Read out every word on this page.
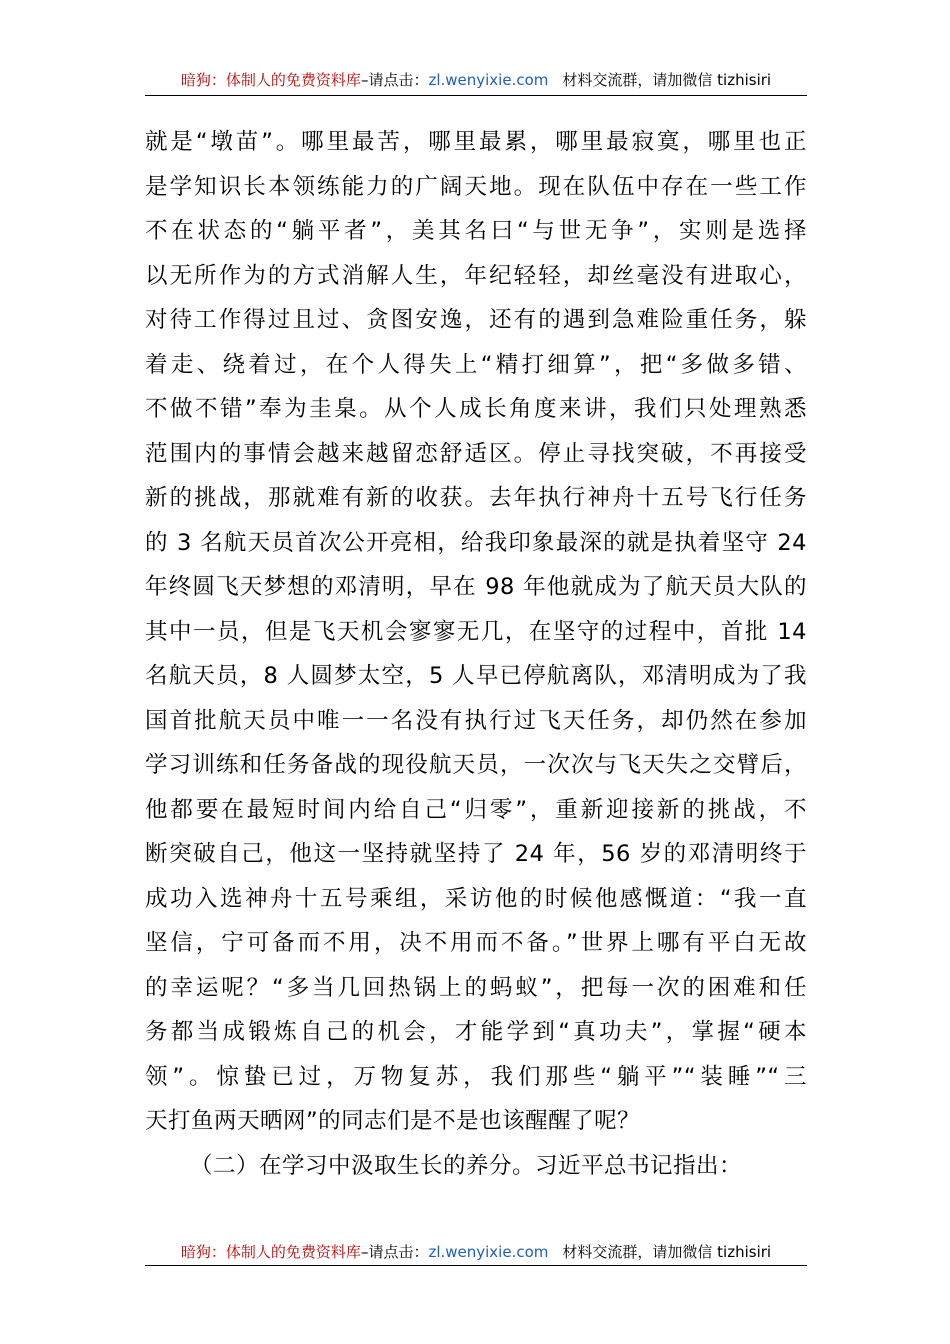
暗狗：体制人的免费资料库–请点击：zl.wenyixie.com 材料交流群，请加微信 tizhisiri
就是“墩苗”。哪里最苦，哪里最累，哪里最寂寞，哪里也正
是学知识长本领练能力的广阔天地。现在队伍中存在一些工作
不在状态的“躺平者”，美其名曰“与世无争”，实则是选择
以无所作为的方式消解人生，年纪轻轻，却丝毫没有进取心，
对待工作得过且过、贪图安逸，还有的遇到急难险重任务，躲
着走、绕着过，在个人得失上“精打细算”，把“多做多错、
不做不错”奉为圭臬。从个人成长角度来讲，我们只处理熟悉
范围内的事情会越来越留恋舒适区。停止寻找突破，不再接受
新的挑战，那就难有新的收获。去年执行神舟十五号飞行任务
的 3 名航天员首次公开亮相，给我印象最深的就是执着坚守 24
年终圆飞天梦想的邓清明，早在 98 年他就成为了航天员大队的
其中一员，但是飞天机会寥寥无几，在坚守的过程中，首批 14
名航天员，8 人圆梦太空，5 人早已停航离队，邓清明成为了我
国首批航天员中唯一一名没有执行过飞天任务，却仍然在参加
学习训练和任务备战的现役航天员，一次次与飞天失之交臂后，
他都要在最短时间内给自己“归零”，重新迎接新的挑战，不
断突破自己，他这一坚持就坚持了 24 年，56 岁的邓清明终于
成功入选神舟十五号乘组，采访他的时候他感慨道：“我一直
坚信，宁可备而不用，决不用而不备。”世界上哪有平白无故
的幸运呢？“多当几回热锅上的蚂蚁”，把每一次的困难和任
务都当成锻炼自己的机会，才能学到“真功夫”，掌握“硬本
领”。惊蛰已过，万物复苏，我们那些“躺平”“装睡”“三
天打鱼两天晒网”的同志们是不是也该醒醒了呢？
（二）在学习中汲取生长的养分。习近平总书记指出：
暗狗：体制人的免费资料库–请点击：zl.wenyixie.com 材料交流群，请加微信 tizhisiri
